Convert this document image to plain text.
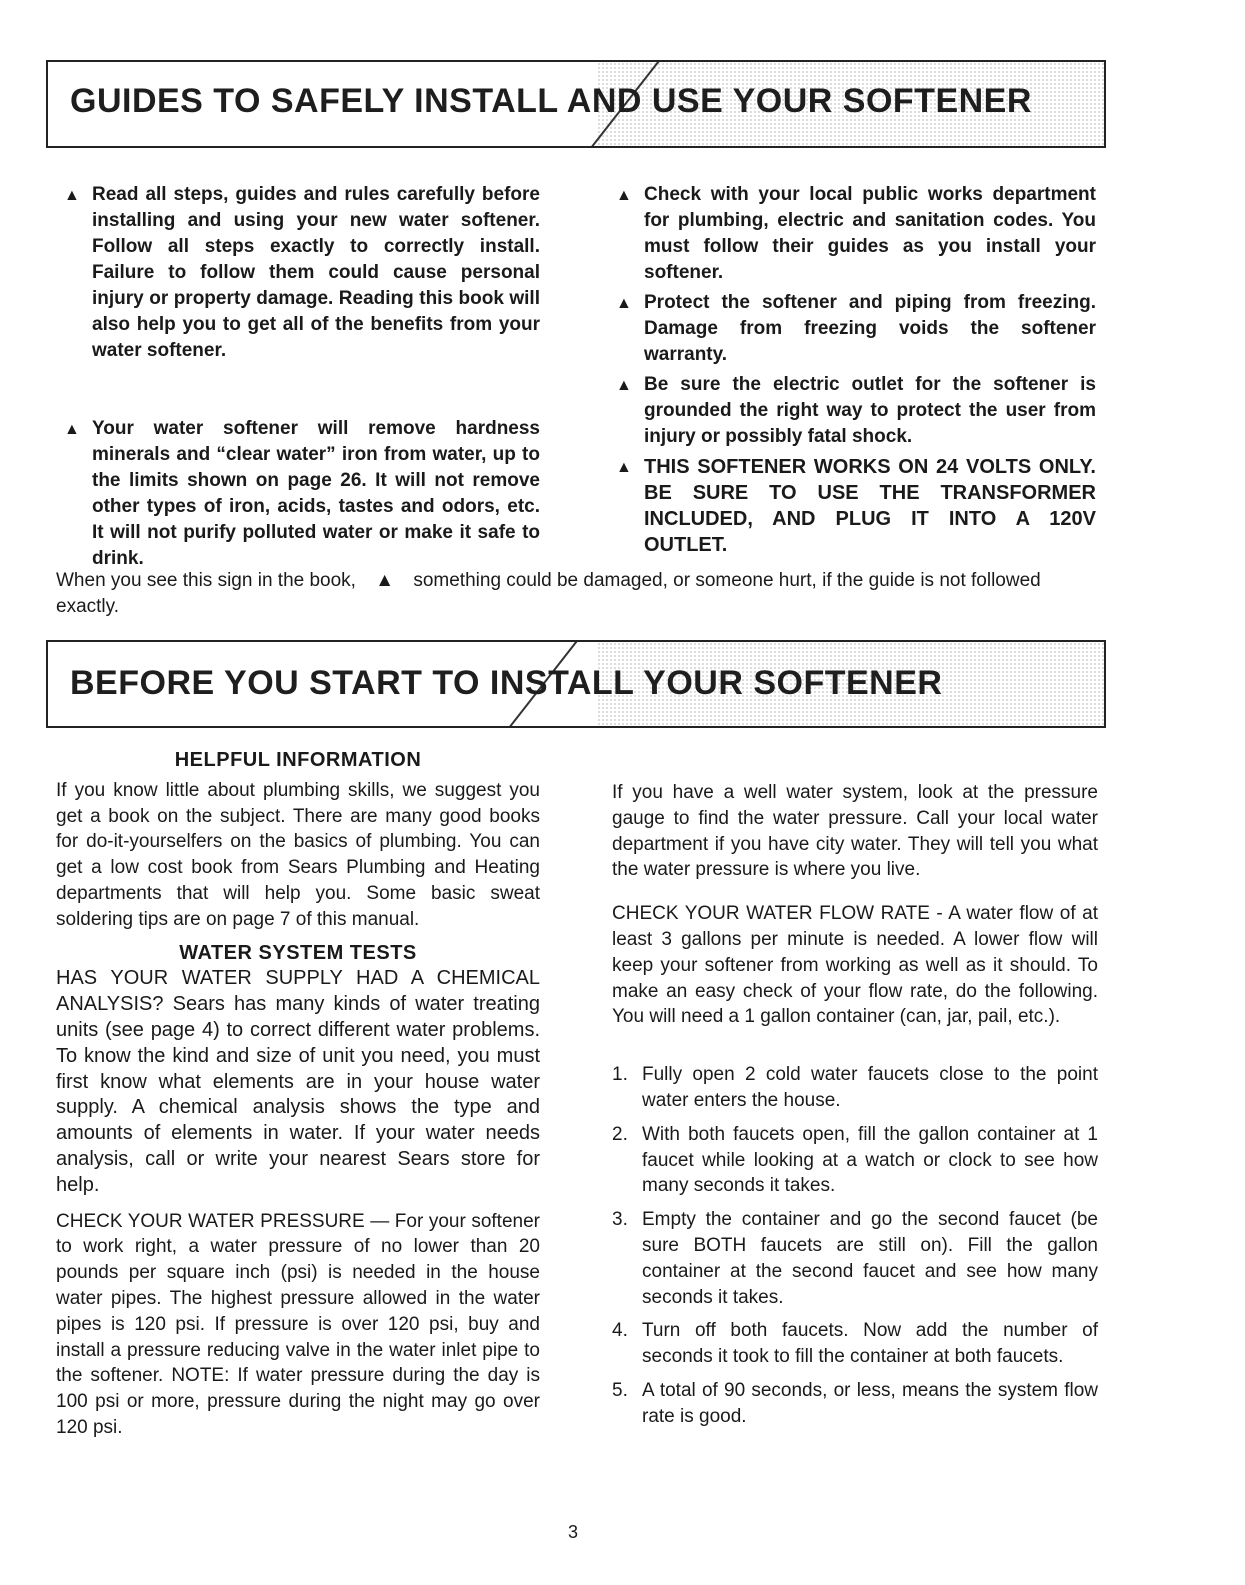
GUIDES TO SAFELY INSTALL AND USE YOUR SOFTENER

▲ Read all steps, guides and rules carefully before installing and using your new water softener. Follow all steps exactly to correctly install. Failure to follow them could cause personal injury or property damage. Reading this book will also help you to get all of the benefits from your water softener.

▲ Your water softener will remove hardness minerals and “clear water” iron from water, up to the limits shown on page 26. It will not remove other types of iron, acids, tastes and odors, etc. It will not purify polluted water or make it safe to drink.

▲ Check with your local public works department for plumbing, electric and sanitation codes. You must follow their guides as you install your softener.

▲ Protect the softener and piping from freezing. Damage from freezing voids the softener warranty.

▲ Be sure the electric outlet for the softener is grounded the right way to protect the user from injury or possibly fatal shock.

▲ THIS SOFTENER WORKS ON 24 VOLTS ONLY. BE SURE TO USE THE TRANSFORMER INCLUDED, AND PLUG IT INTO A 120V OUTLET.

When you see this sign in the book, ▲ something could be damaged, or someone hurt, if the guide is not followed exactly.
BEFORE YOU START TO INSTALL YOUR SOFTENER

HELPFUL INFORMATION

If you know little about plumbing skills, we suggest you get a book on the subject. There are many good books for do-it-yourselfers on the basics of plumbing. You can get a low cost book from Sears Plumbing and Heating departments that will help you. Some basic sweat soldering tips are on page 7 of this manual.

WATER SYSTEM TESTS

HAS YOUR WATER SUPPLY HAD A CHEMICAL ANALYSIS? Sears has many kinds of water treating units (see page 4) to correct different water problems. To know the kind and size of unit you need, you must first know what elements are in your house water supply. A chemical analysis shows the type and amounts of elements in water. If your water needs analysis, call or write your nearest Sears store for help.

CHECK YOUR WATER PRESSURE — For your softener to work right, a water pressure of no lower than 20 pounds per square inch (psi) is needed in the house water pipes. The highest pressure allowed in the water pipes is 120 psi. If pressure is over 120 psi, buy and install a pressure reducing valve in the water inlet pipe to the softener. NOTE: If water pressure during the day is 100 psi or more, pressure during the night may go over 120 psi.

If you have a well water system, look at the pressure gauge to find the water pressure. Call your local water department if you have city water. They will tell you what the water pressure is where you live.

CHECK YOUR WATER FLOW RATE - A water flow of at least 3 gallons per minute is needed. A lower flow will keep your softener from working as well as it should. To make an easy check of your flow rate, do the following. You will need a 1 gallon container (can, jar, pail, etc.).

1. Fully open 2 cold water faucets close to the point water enters the house.
2. With both faucets open, fill the gallon container at 1 faucet while looking at a watch or clock to see how many seconds it takes.
3. Empty the container and go the second faucet (be sure BOTH faucets are still on). Fill the gallon container at the second faucet and see how many seconds it takes.
4. Turn off both faucets. Now add the number of seconds it took to fill the container at both faucets.
5. A total of 90 seconds, or less, means the system flow rate is good.
3
